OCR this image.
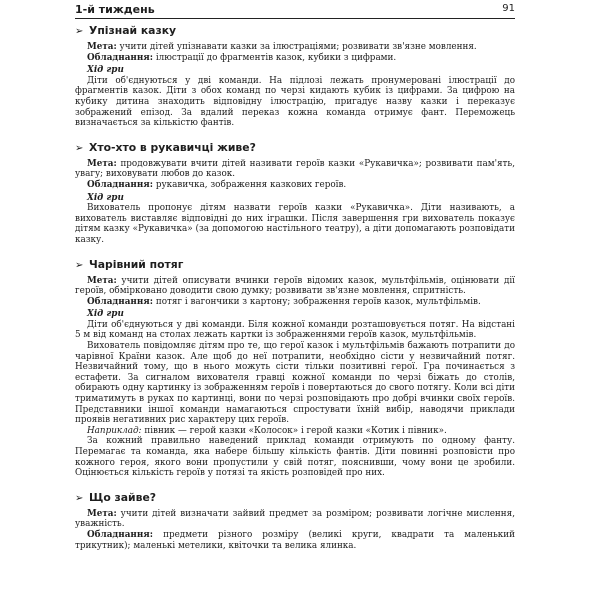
1-й тиждень	91
➢ Упізнай казку

Мета: учити дітей упізнавати казки за ілюстраціями; розвивати зв'язне мовлення.

Обладнання: ілюстрації до фрагментів казок, кубики з цифрами.

Хід гри

Діти об'єднуються у дві команди. На підлозі лежать пронумеровані ілюстрації до фрагментів казок. Діти з обох команд по черзі кидають кубик із цифрами. За цифрою на кубику дитина знаходить відповідну ілюстрацію, пригадує назву казки і переказує зображений епізод. За вдалий переказ кожна команда отримує фант. Переможець визначається за кількістю фантів.

➢ Хто-хто в рукавичці живе?

Мета: продовжувати вчити дітей називати героїв казки «Рукавичка»; розвивати пам'ять, увагу; виховувати любов до казок.

Обладнання: рукавичка, зображення казкових героїв.

Хід гри

Вихователь пропонує дітям назвати героїв казки «Рукавичка». Діти називають, а вихователь виставляє відповідні до них іграшки. Після завершення гри вихователь показує дітям казку «Рукавичка» (за допомогою настільного театру), а діти допомагають розповідати казку.

➢ Чарівний потяг

Мета: учити дітей описувати вчинки героїв відомих казок, мультфільмів, оцінювати дії героїв, обмірковано доводити свою думку; розвивати зв'язне мовлення, спритність.

Обладнання: потяг і вагончики з картону; зображення героїв казок, мультфільмів.

Хід гри

Діти об'єднуються у дві команди. Біля кожної команди розташовується потяг. На відстані 5 м від команд на столах лежать картки із зображеннями героїв казок, мультфільмів.

Вихователь повідомляє дітям про те, що герої казок і мультфільмів бажають потрапити до чарівної Країни казок. Але щоб до неї потрапити, необхідно сісти у незвичайний потяг. Незвичайний тому, що в нього можуть сісти тільки позитивні герої. Гра починається з естафети. За сигналом вихователя гравці кожної команди по черзі біжать до столів, обирають одну картинку із зображенням героїв і повертаються до свого потягу. Коли всі діти триматимуть в руках по картинці, вони по черзі розповідають про добрі вчинки своїх героїв. Представники іншої команди намагаються спростувати їхній вибір, наводячи приклади проявів негативних рис характеру цих героїв.

Наприклад: півник — герой казки «Колосок» і герой казки «Котик і півник».

За кожний правильно наведений приклад команди отримують по одному фанту. Перемагає та команда, яка набере більшу кількість фантів. Діти повинні розповісти про кожного героя, якого вони пропустили у свій потяг, пояснивши, чому вони це зробили. Оцінюється кількість героїв у потязі та якість розповідей про них.

➢ Що зайве?

Мета: учити дітей визначати зайвий предмет за розміром; розвивати логічне мислення, уважність.

Обладнання: предмети різного розміру (великі круги, квадрати та маленький трикутник); маленькі метелики, квіточки та велика ялинка.
